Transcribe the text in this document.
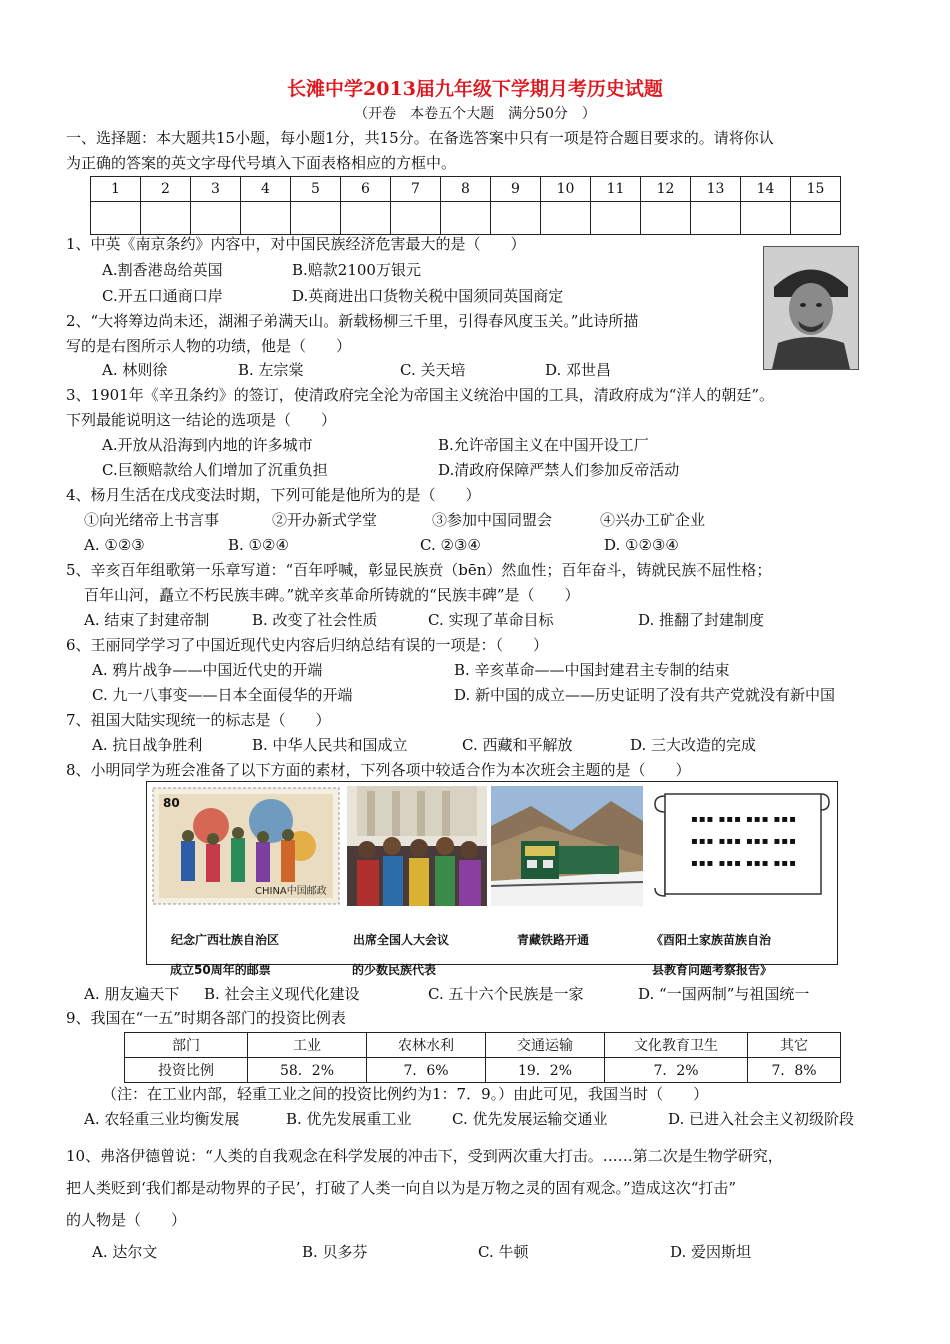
长滩中学2013届九年级下学期月考历史试题
（开卷　本卷五个大题　满分50分　）
一、选择题：本大题共15小题，每小题1分，共15分。在备选答案中只有一项是符合题目要求的。请将你认
为正确的答案的英文字母代号填入下面表格相应的方框中。
1	2	3	4	5	6	7	8	9	10	11	12	13	14	15

1、中英《南京条约》内容中，对中国民族经济危害最大的是（　　）
A.割香港岛给英国	B.赔款2100万银元
C.开五口通商口岸	D.英商进出口货物关税中国须同英国商定
2、“大将筹边尚未还，湖湘子弟满天山。新载杨柳三千里，引得春风度玉关。”此诗所描
写的是右图所示人物的功绩，他是（　　）
A. 林则徐	B. 左宗棠	C. 关天培	D. 邓世昌
3、1901年《辛丑条约》的签订，使清政府完全沦为帝国主义统治中国的工具，清政府成为“洋人的朝廷”。
下列最能说明这一结论的选项是（　　）
A.开放从沿海到内地的许多城市	B.允许帝国主义在中国开设工厂
C.巨额赔款给人们增加了沉重负担	D.清政府保障严禁人们参加反帝活动
4、杨月生活在戊戌变法时期，下列可能是他所为的是（　　）
①向光绪帝上书言事	②开办新式学堂	③参加中国同盟会	④兴办工矿企业
A. ①②③	B. ①②④	C. ②③④	D. ①②③④
5、辛亥百年组歌第一乐章写道：“百年呼喊，彰显民族贲（bēn）然血性；百年奋斗，铸就民族不屈性格；
百年山河，矗立不朽民族丰碑。”就辛亥革命所铸就的“民族丰碑”是（　　）
A. 结束了封建帝制	B. 改变了社会性质	C. 实现了革命目标	D. 推翻了封建制度
6、王丽同学学习了中国近现代史内容后归纳总结有误的一项是：（　　）
A. 鸦片战争——中国近代史的开端	B. 辛亥革命——中国封建君主专制的结束
C. 九一八事变——日本全面侵华的开端	D. 新中国的成立——历史证明了没有共产党就没有新中国
7、祖国大陆实现统一的标志是（　　）
A. 抗日战争胜利	B. 中华人民共和国成立	C. 西藏和平解放	D. 三大改造的完成
8、小明同学为班会准备了以下方面的素材，下列各项中较适合作为本次班会主题的是（　　）
80
CHINA中国邮政
▪▪▪ ▪▪▪ ▪▪▪ ▪▪▪
▪▪▪ ▪▪▪ ▪▪▪ ▪▪▪
▪▪▪ ▪▪▪ ▪▪▪ ▪▪▪
纪念广西壮族自治区	出席全国人大会议	青藏铁路开通	《酉阳土家族苗族自治
成立50周年的邮票	的少数民族代表	县教育问题考察报告》
A. 朋友遍天下 B. 社会主义现代化建设	C. 五十六个民族是一家	D. “一国两制”与祖国统一
9、我国在“一五”时期各部门的投资比例表
部门	工业	农林水利	交通运输	文化教育卫生	其它
投资比例	58．2%	7．6%	19．2%	7．2%	7．8%
（注：在工业内部，轻重工业之间的投资比例约为1：7．9。）由此可见，我国当时（　　）
A. 农轻重三业均衡发展	B. 优先发展重工业	C. 优先发展运输交通业	D. 已进入社会主义初级阶段
10、弗洛伊德曾说：“人类的自我观念在科学发展的冲击下，受到两次重大打击。……第二次是生物学研究，
把人类贬到‘我们都是动物界的子民’，打破了人类一向自以为是万物之灵的固有观念。”造成这次“打击”
的人物是（　　）
A. 达尔文	B. 贝多芬	C. 牛顿	D. 爱因斯坦
